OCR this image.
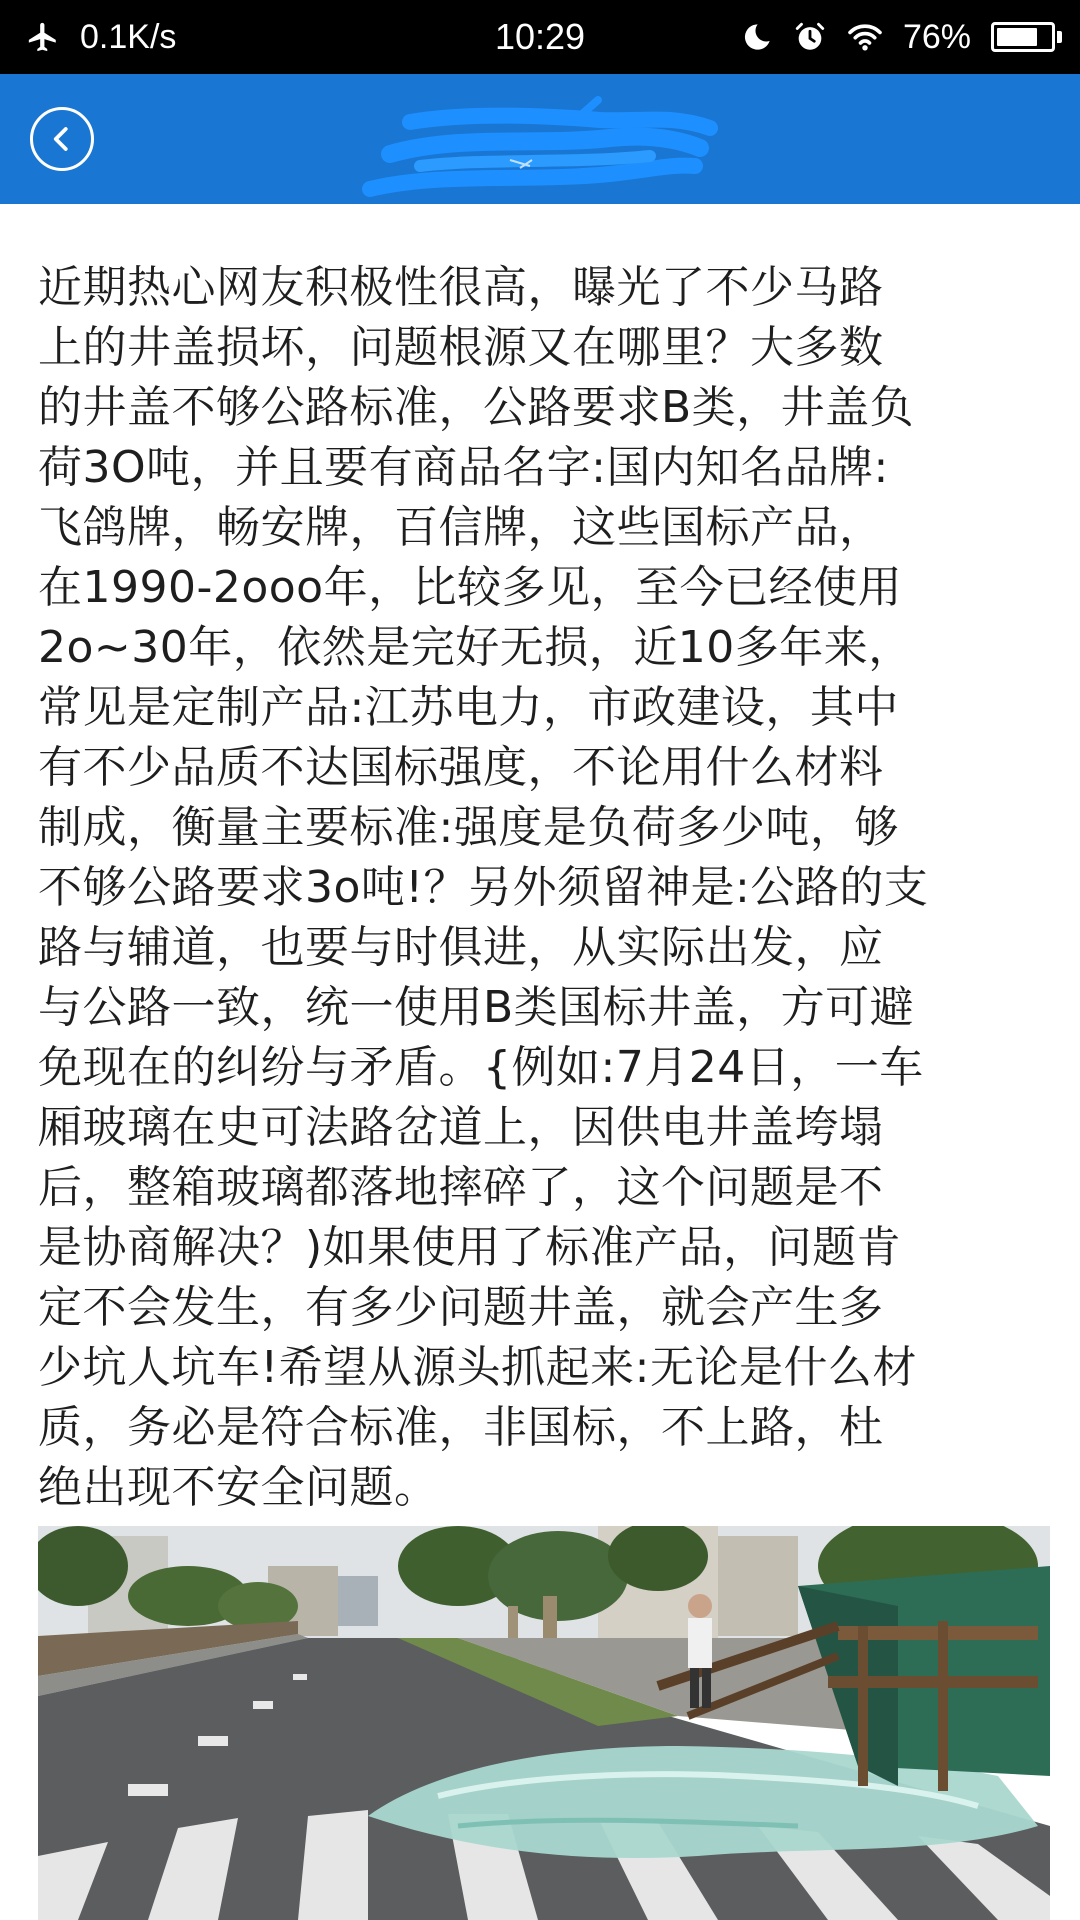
0.1K/s	10:29	76%
近期热心网友积极性很高，曝光了不少马路
上的井盖损坏，问题根源又在哪里？大多数
的井盖不够公路标准，公路要求B类，井盖负
荷3O吨，并且要有商品名字:国内知名品牌:
飞鸽牌，畅安牌，百信牌，这些国标产品，
在1990-2ooo年，比较多见，至今已经使用
2o~30年，依然是完好无损，近10多年来，
常见是定制产品:江苏电力，市政建设，其中
有不少品质不达国标强度，不论用什么材料
制成，衡量主要标准:强度是负荷多少吨，够
不够公路要求3o吨!？另外须留神是:公路的支
路与辅道，也要与时俱进，从实际出发，应
与公路一致，统一使用B类国标井盖，方可避
免现在的纠纷与矛盾。{例如:7月24日，一车
厢玻璃在史可法路岔道上，因供电井盖垮塌
后，整箱玻璃都落地摔碎了，这个问题是不
是协商解决？)如果使用了标准产品，问题肯
定不会发生，有多少问题井盖，就会产生多
少坑人坑车!希望从源头抓起来:无论是什么材
质，务必是符合标准，非国标，不上路，杜
绝出现不安全问题。
